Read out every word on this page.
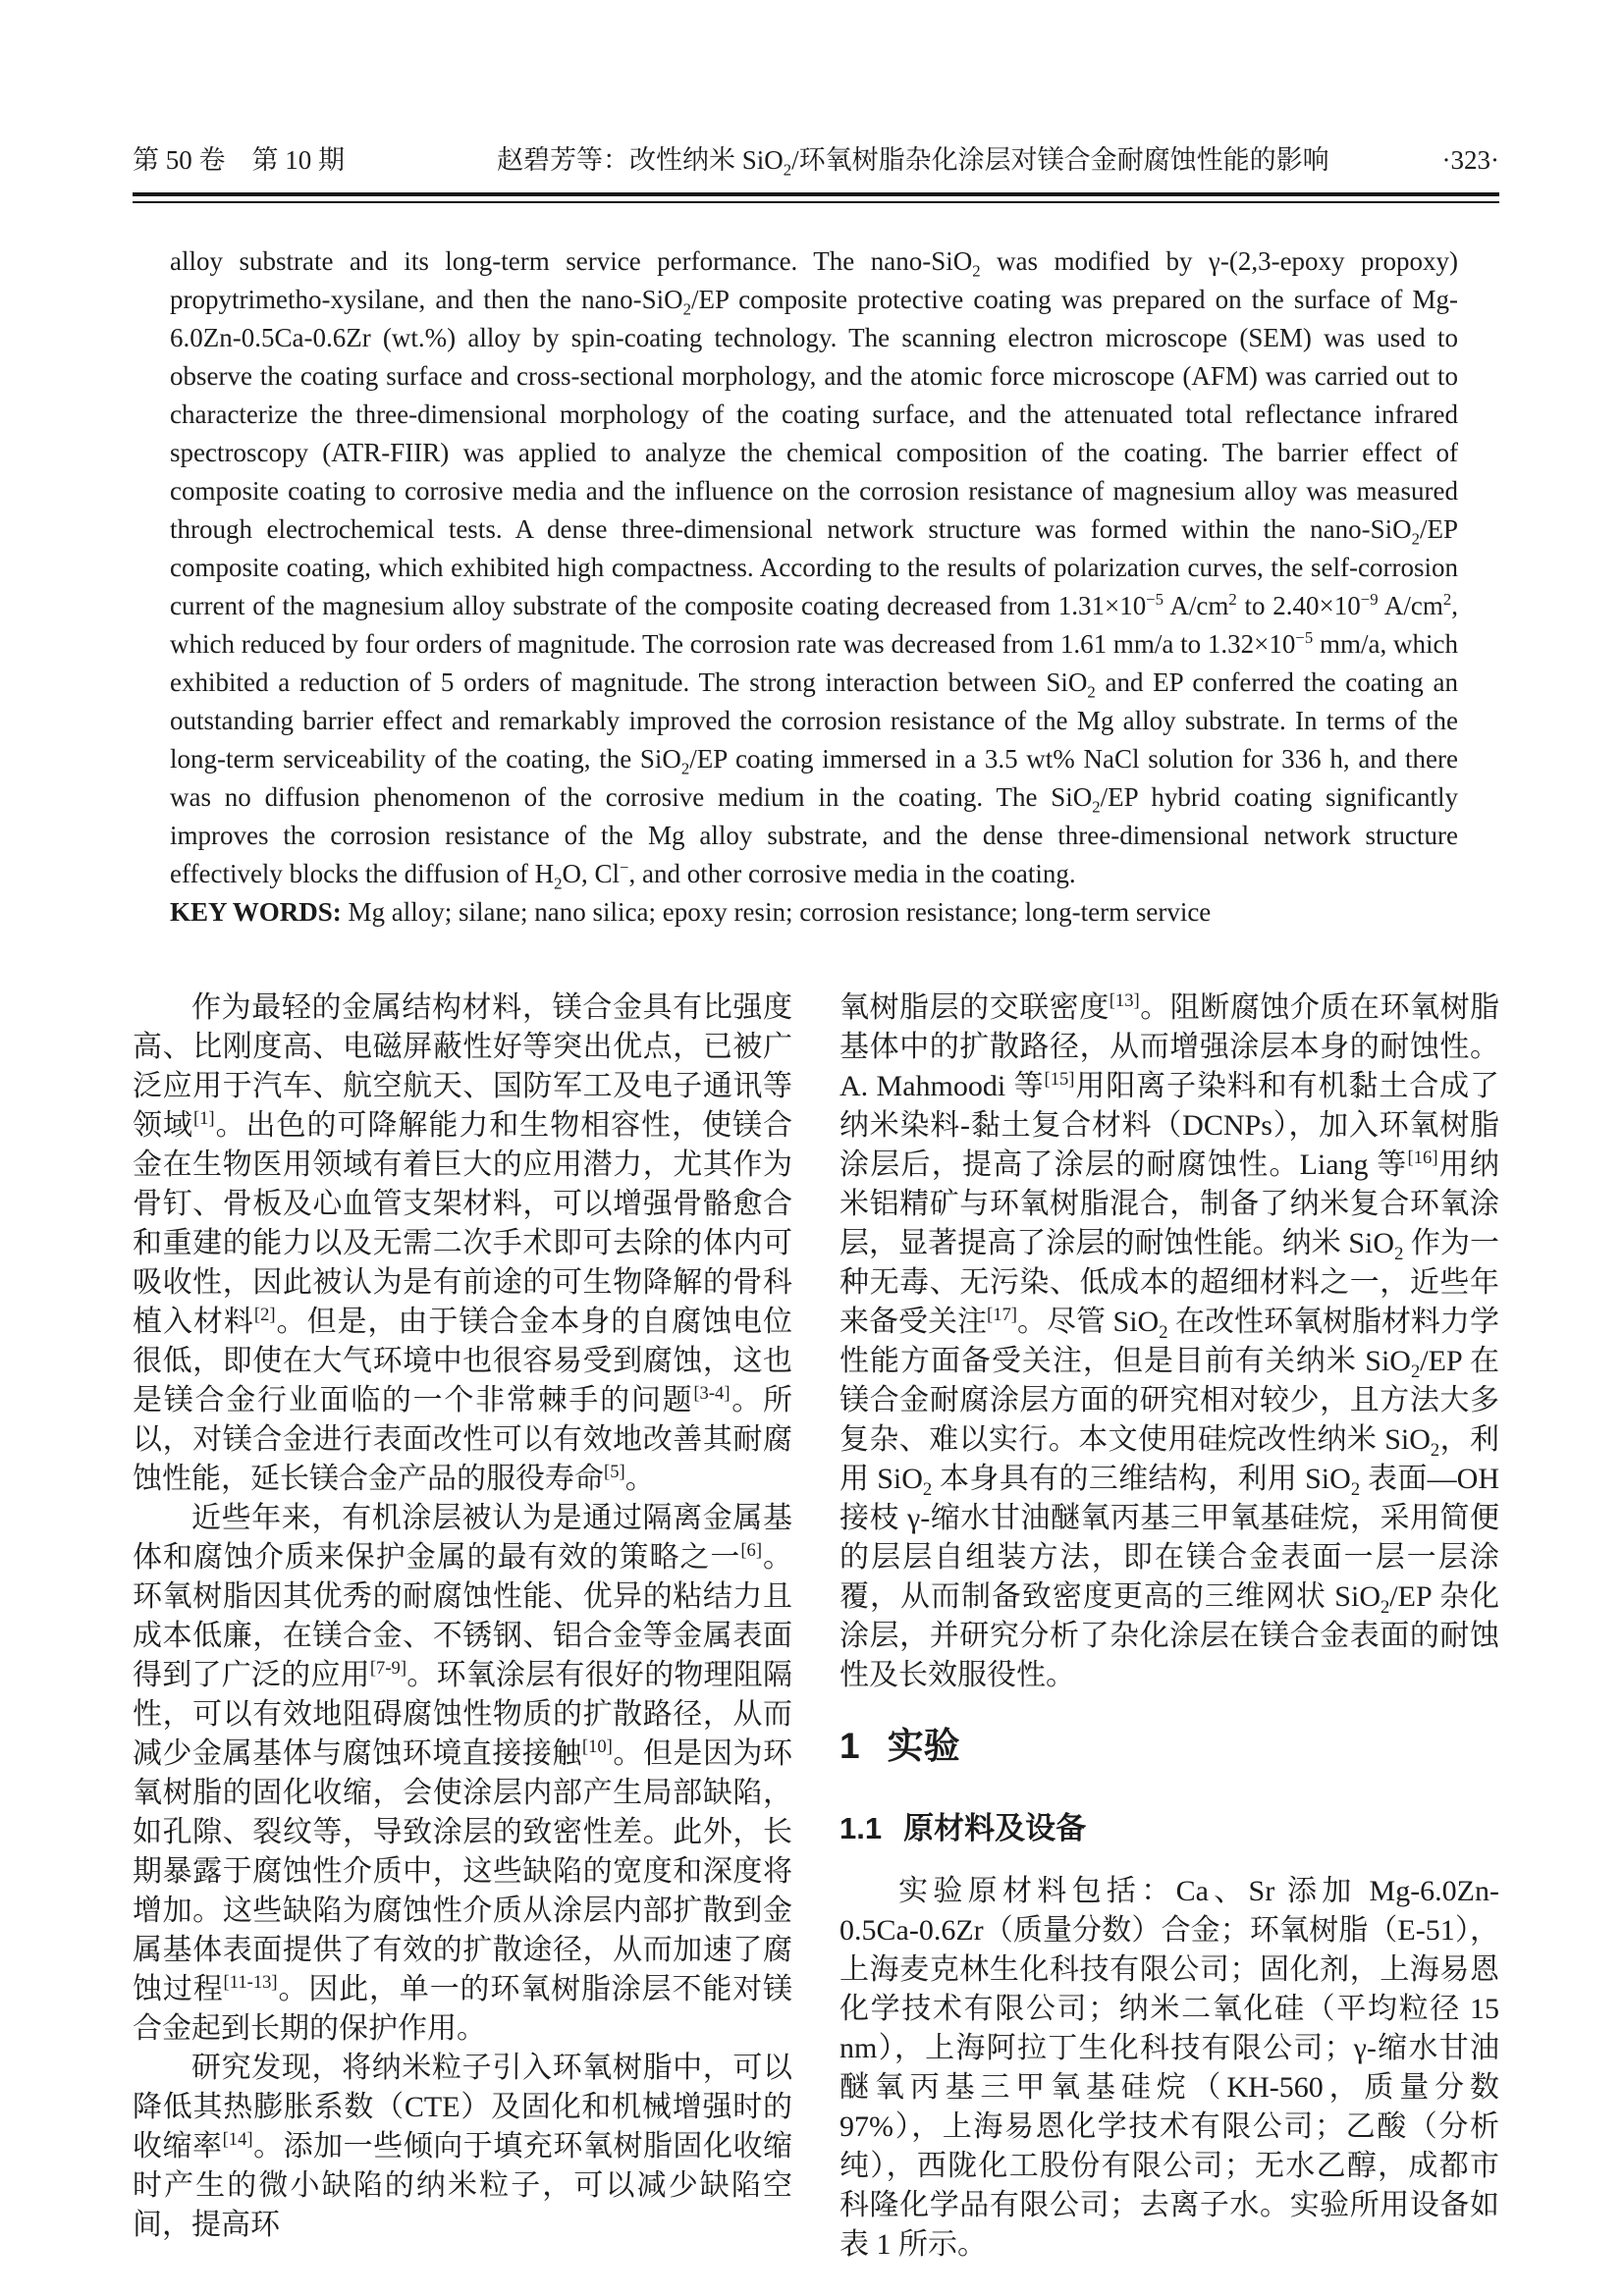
第 50 卷　第 10 期	赵碧芳等：改性纳米 SiO$_2$/环氧树脂杂化涂层对镁合金耐腐蚀性能的影响	·323·

alloy substrate and its long-term service performance. The nano-SiO$_2$ was modified by γ-(2,3-epoxy propoxy) propytrimetho-xysilane, and then the nano-SiO$_2$/EP composite protective coating was prepared on the surface of Mg-6.0Zn-0.5Ca-0.6Zr (wt.%) alloy by spin-coating technology. The scanning electron microscope (SEM) was used to observe the coating surface and cross-sectional morphology, and the atomic force microscope (AFM) was carried out to characterize the three-dimensional morphology of the coating surface, and the attenuated total reflectance infrared spectroscopy (ATR-FIIR) was applied to analyze the chemical composition of the coating. The barrier effect of composite coating to corrosive media and the influence on the corrosion resistance of magnesium alloy was measured through electrochemical tests. A dense three-dimensional network structure was formed within the nano-SiO$_2$/EP composite coating, which exhibited high compactness. According to the results of polarization curves, the self-corrosion current of the magnesium alloy substrate of the composite coating decreased from $1.31\times 10^{-5}$ $A/cm^2$ to $2.40\times 10^{-9}$ $A/cm^2$, which reduced by four orders of magnitude. The corrosion rate was decreased from 1.61 mm/a to $1.32\times 10^{-5}$ mm/a, which exhibited a reduction of 5 orders of magnitude. The strong interaction between SiO$_2$ and EP conferred the coating an outstanding barrier effect and remarkably improved the corrosion resistance of the Mg alloy substrate. In terms of the long-term serviceability of the coating, the SiO$_2$/EP coating immersed in a 3.5 wt% NaCl solution for 336 h, and there was no diffusion phenomenon of the corrosive medium in the coating. The SiO$_2$/EP hybrid coating significantly improves the corrosion resistance of the Mg alloy substrate, and the dense three-dimensional network structure effectively blocks the diffusion of $H_2O$, Cl−, and other corrosive media in the coating.

KEY WORDS: Mg alloy; silane; nano silica; epoxy resin; corrosion resistance; long-term service

作为最轻的金属结构材料，镁合金具有比强度高、比刚度高、电磁屏蔽性好等突出优点，已被广泛应用于汽车、航空航天、国防军工及电子通讯等领域[1]。出色的可降解能力和生物相容性，使镁合金在生物医用领域有着巨大的应用潜力，尤其作为骨钉、骨板及心血管支架材料，可以增强骨骼愈合和重建的能力以及无需二次手术即可去除的体内可吸收性，因此被认为是有前途的可生物降解的骨科植入材料[2]。但是，由于镁合金本身的自腐蚀电位很低，即使在大气环境中也很容易受到腐蚀，这也是镁合金行业面临的一个非常棘手的问题[3-4]。所以，对镁合金进行表面改性可以有效地改善其耐腐蚀性能，延长镁合金产品的服役寿命[5]。

近些年来，有机涂层被认为是通过隔离金属基体和腐蚀介质来保护金属的最有效的策略之一[6]。环氧树脂因其优秀的耐腐蚀性能、优异的粘结力且成本低廉，在镁合金、不锈钢、铝合金等金属表面得到了广泛的应用[7-9]。环氧涂层有很好的物理阻隔性，可以有效地阻碍腐蚀性物质的扩散路径，从而减少金属基体与腐蚀环境直接接触[10]。但是因为环氧树脂的固化收缩，会使涂层内部产生局部缺陷，如孔隙、裂纹等，导致涂层的致密性差。此外，长期暴露于腐蚀性介质中，这些缺陷的宽度和深度将增加。这些缺陷为腐蚀性介质从涂层内部扩散到金属基体表面提供了有效的扩散途径，从而加速了腐蚀过程[11-13]。因此，单一的环氧树脂涂层不能对镁合金起到长期的保护作用。

研究发现，将纳米粒子引入环氧树脂中，可以降低其热膨胀系数（CTE）及固化和机械增强时的收缩率[14]。添加一些倾向于填充环氧树脂固化收缩时产生的微小缺陷的纳米粒子，可以减少缺陷空间，提高环

氧树脂层的交联密度[13]。阻断腐蚀介质在环氧树脂基体中的扩散路径，从而增强涂层本身的耐蚀性。A. Mahmoodi 等[15]用阳离子染料和有机黏土合成了纳米染料-黏土复合材料（DCNPs），加入环氧树脂涂层后，提高了涂层的耐腐蚀性。Liang 等[16]用纳米铝精矿与环氧树脂混合，制备了纳米复合环氧涂层，显著提高了涂层的耐蚀性能。纳米 SiO$_2$ 作为一种无毒、无污染、低成本的超细材料之一，近些年来备受关注[17]。尽管 SiO$_2$ 在改性环氧树脂材料力学性能方面备受关注，但是目前有关纳米 SiO$_2$/EP 在镁合金耐腐涂层方面的研究相对较少，且方法大多复杂、难以实行。本文使用硅烷改性纳米 SiO$_2$，利用 SiO$_2$ 本身具有的三维结构，利用 SiO$_2$ 表面—OH 接枝 γ-缩水甘油醚氧丙基三甲氧基硅烷，采用简便的层层自组装方法，即在镁合金表面一层一层涂覆，从而制备致密度更高的三维网状 SiO$_2$/EP 杂化涂层，并研究分析了杂化涂层在镁合金表面的耐蚀性及长效服役性。

1 实验
1.1 原材料及设备

实验原材料包括：Ca、Sr 添加 Mg-6.0Zn-0.5Ca-0.6Zr（质量分数）合金；环氧树脂（E-51），上海麦克林生化科技有限公司；固化剂，上海易恩化学技术有限公司；纳米二氧化硅（平均粒径 15 nm），上海阿拉丁生化科技有限公司；γ-缩水甘油醚氧丙基三甲氧基硅烷（KH-560，质量分数 97%），上海易恩化学技术有限公司；乙酸（分析纯），西陇化工股份有限公司；无水乙醇，成都市科隆化学品有限公司；去离子水。实验所用设备如表 1 所示。
